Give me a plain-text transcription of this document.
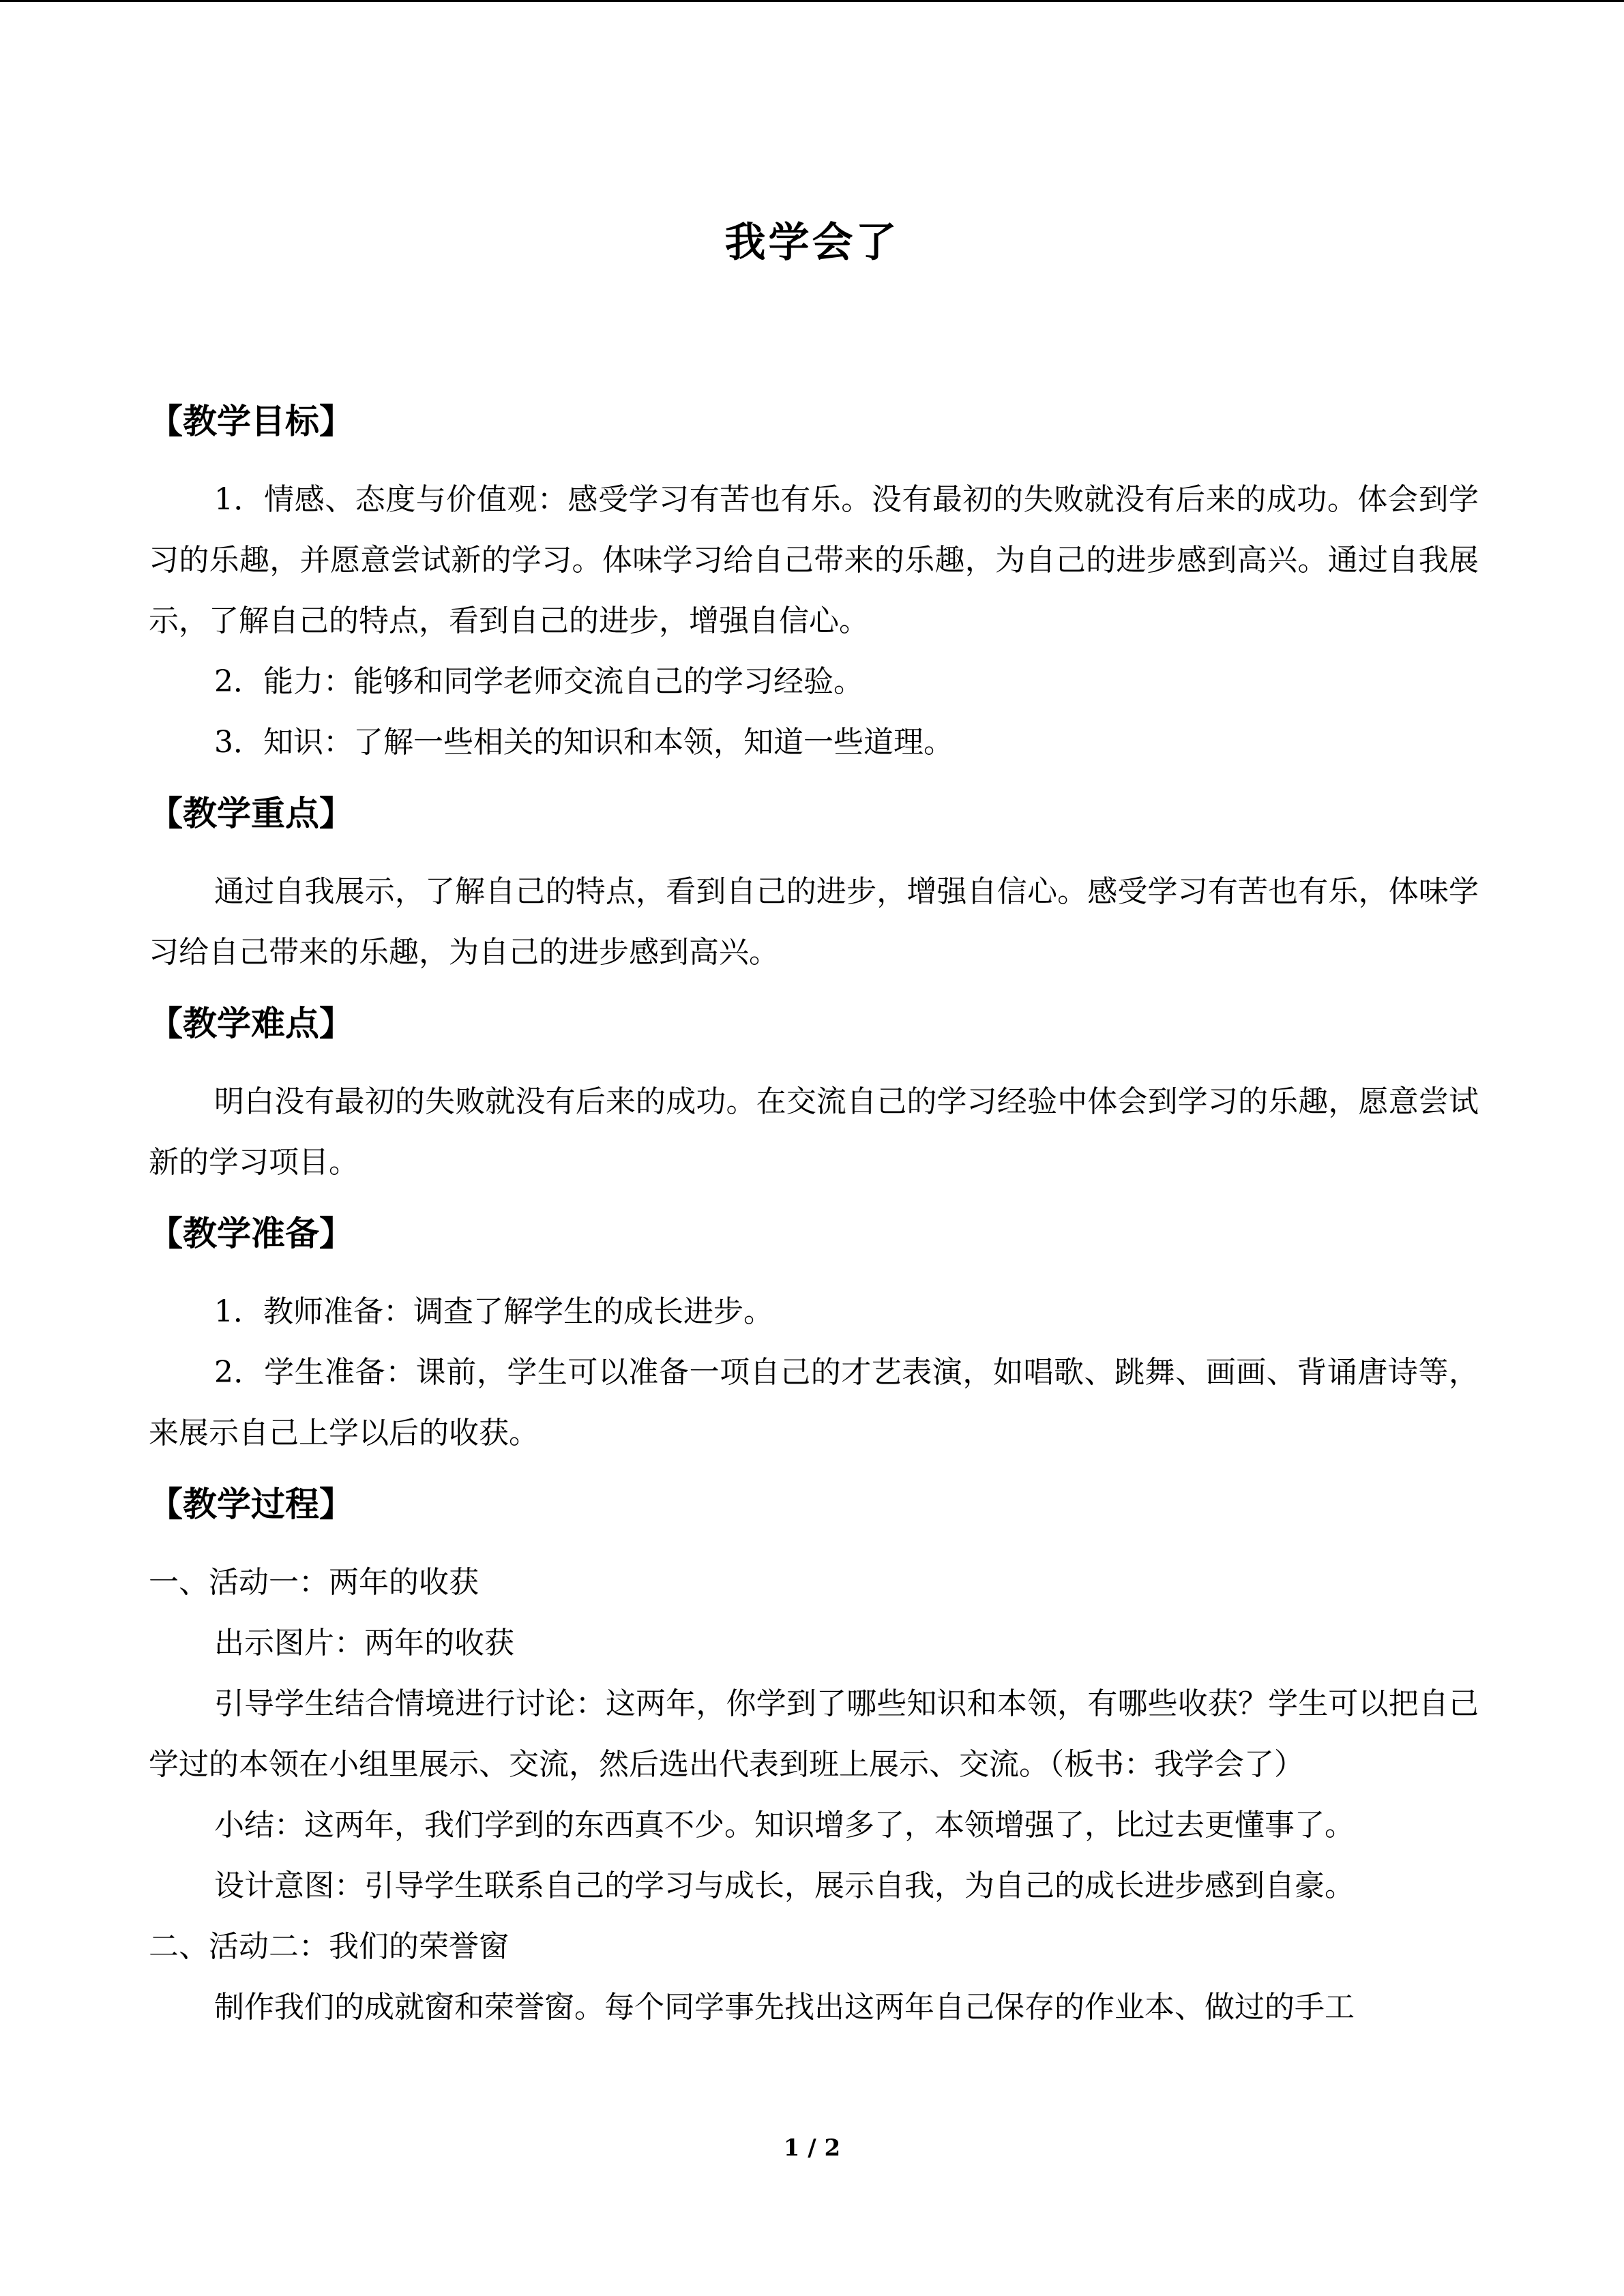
我学会了
【教学目标】

1．情感、态度与价值观：感受学习有苦也有乐。没有最初的失败就没有后来的成功。体会到学习的乐趣，并愿意尝试新的学习。体味学习给自己带来的乐趣，为自己的进步感到高兴。通过自我展示，了解自己的特点，看到自己的进步，增强自信心。

2．能力：能够和同学老师交流自己的学习经验。

3．知识：了解一些相关的知识和本领，知道一些道理。

【教学重点】

通过自我展示，了解自己的特点，看到自己的进步，增强自信心。感受学习有苦也有乐，体味学习给自己带来的乐趣，为自己的进步感到高兴。

【教学难点】

明白没有最初的失败就没有后来的成功。在交流自己的学习经验中体会到学习的乐趣，愿意尝试新的学习项目。

【教学准备】

1．教师准备：调查了解学生的成长进步。

2．学生准备：课前，学生可以准备一项自己的才艺表演，如唱歌、跳舞、画画、背诵唐诗等，来展示自己上学以后的收获。

【教学过程】

一、活动一：两年的收获

出示图片：两年的收获

引导学生结合情境进行讨论：这两年，你学到了哪些知识和本领，有哪些收获？学生可以把自己学过的本领在小组里展示、交流，然后选出代表到班上展示、交流。（板书：我学会了）

小结：这两年，我们学到的东西真不少。知识增多了，本领增强了，比过去更懂事了。

设计意图：引导学生联系自己的学习与成长，展示自我，为自己的成长进步感到自豪。

二、活动二：我们的荣誉窗

制作我们的成就窗和荣誉窗。每个同学事先找出这两年自己保存的作业本、做过的手工

1 / 2
